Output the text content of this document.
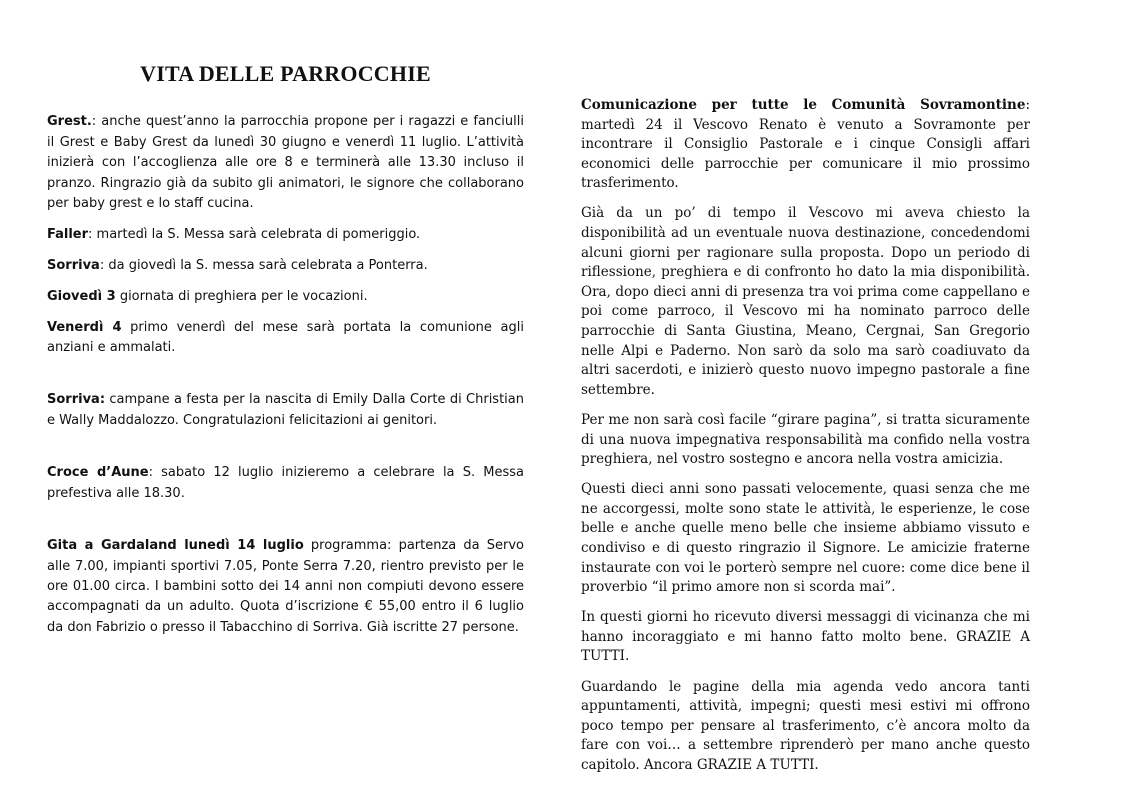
VITA DELLE PARROCCHIE

Grest.: anche quest’anno la parrocchia propone per i ragazzi e fanciulli il Grest e Baby Grest da lunedì 30 giugno e venerdì 11 luglio. L’attività inizierà con l’accoglienza alle ore 8 e terminerà alle 13.30 incluso il pranzo. Ringrazio già da subito gli animatori, le signore che collaborano per baby grest e lo staff cucina.

Faller: martedì la S. Messa sarà celebrata di pomeriggio.

Sorriva: da giovedì la S. messa sarà celebrata a Ponterra.

Giovedì 3 giornata di preghiera per le vocazioni.

Venerdì 4 primo venerdì del mese sarà portata la comunione agli anziani e ammalati.

Sorriva: campane a festa per la nascita di Emily Dalla Corte di Christian e Wally Maddalozzo. Congratulazioni felicitazioni ai genitori.

Croce d’Aune: sabato 12 luglio inizieremo a celebrare la S. Messa prefestiva alle 18.30.

Gita a Gardaland lunedì 14 luglio programma: partenza da Servo alle 7.00, impianti sportivi 7.05, Ponte Serra 7.20, rientro previsto per le ore 01.00 circa. I bambini sotto dei 14 anni non compiuti devono essere accompagnati da un adulto. Quota d’iscrizione € 55,00 entro il 6 luglio da don Fabrizio o presso il Tabacchino di Sorriva. Già iscritte 27 persone.

Comunicazione per tutte le Comunità Sovramontine: martedì 24 il Vescovo Renato è venuto a Sovramonte per incontrare il Consiglio Pastorale e i cinque Consigli affari economici delle parrocchie per comunicare il mio prossimo trasferimento.

Già da un po’ di tempo il Vescovo mi aveva chiesto la disponibilità ad un eventuale nuova destinazione, concedendomi alcuni giorni per ragionare sulla proposta. Dopo un periodo di riflessione, preghiera e di confronto ho dato la mia disponibilità. Ora, dopo dieci anni di presenza tra voi prima come cappellano e poi come parroco, il Vescovo mi ha nominato parroco delle parrocchie di Santa Giustina, Meano, Cergnai, San Gregorio nelle Alpi e Paderno. Non sarò da solo ma sarò coadiuvato da altri sacerdoti, e inizierò questo nuovo impegno pastorale a fine settembre.

Per me non sarà così facile “girare pagina”, si tratta sicuramente di una nuova impegnativa responsabilità ma confido nella vostra preghiera, nel vostro sostegno e ancora nella vostra amicizia.

Questi dieci anni sono passati velocemente, quasi senza che me ne accorgessi, molte sono state le attività, le esperienze, le cose belle e anche quelle meno belle che insieme abbiamo vissuto e condiviso e di questo ringrazio il Signore. Le amicizie fraterne instaurate con voi le porterò sempre nel cuore: come dice bene il proverbio “il primo amore non si scorda mai”.

In questi giorni ho ricevuto diversi messaggi di vicinanza che mi hanno incoraggiato e mi hanno fatto molto bene. GRAZIE A TUTTI.

Guardando le pagine della mia agenda vedo ancora tanti appuntamenti, attività, impegni; questi mesi estivi mi offrono poco tempo per pensare al trasferimento, c’è ancora molto da fare con voi… a settembre riprenderò per mano anche questo capitolo. Ancora GRAZIE A TUTTI.
